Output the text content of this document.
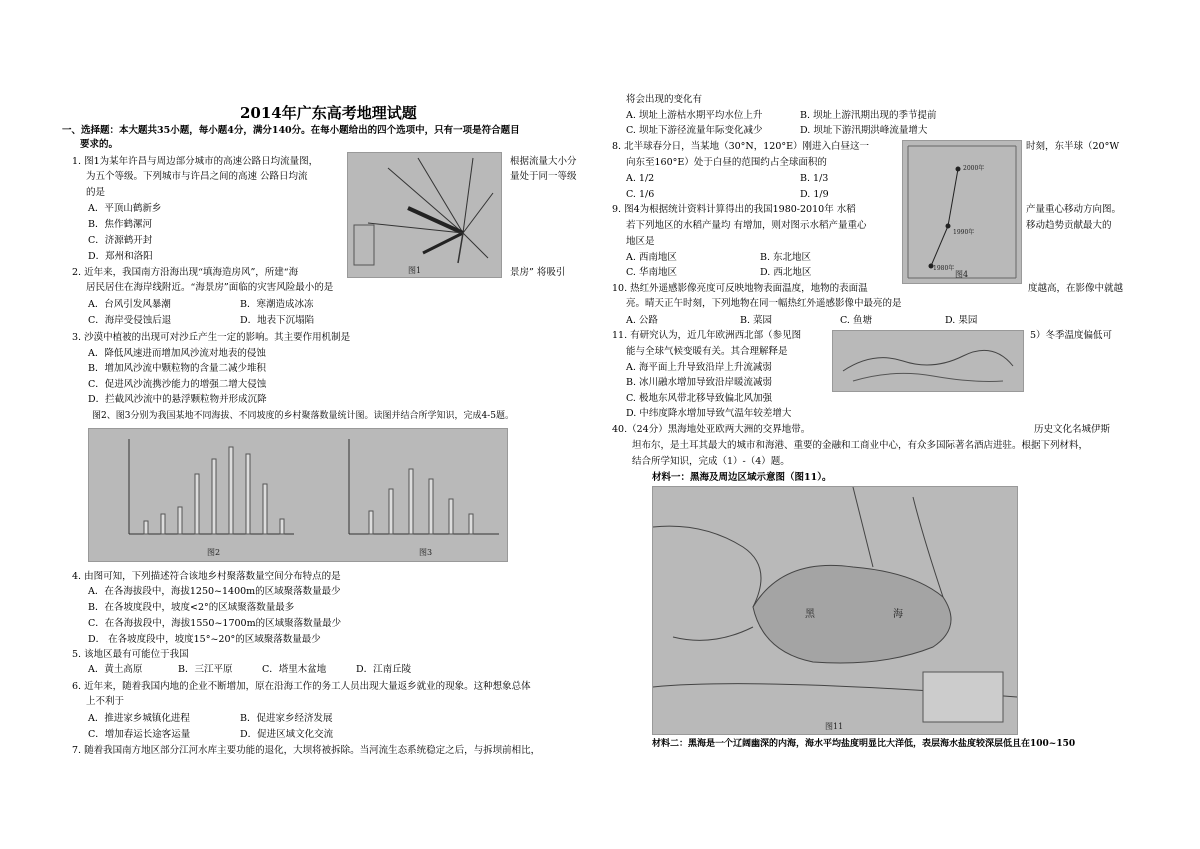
2014年广东高考地理试题
一、选择题：本大题共35小题，每小题4分，满分140分。在每小题给出的四个选项中，只有一项是符合题目
要求的。
1. 图1为某年许昌与周边部分城市的高速公路日均流量图，	根据流量大小分
为五个等级。下列城市与许昌之间的高速 公路日均流	量处于同一等级
的是
A．平顶山鹤新乡
B．焦作鹤漯河
C．济源鹤开封
D．郑州和洛阳
图1
2. 近年来，我国南方沿海出现“填海造房风”，所建“海	景房” 将吸引
居民居住在海岸线附近。“海景房”面临的灾害风险最小的是
A．台风引发风暴潮	B．寒潮造成冰冻
C．海岸受侵蚀后退	D．地表下沉塌陷
3. 沙漠中植被的出现可对沙丘产生一定的影响。其主要作用机制是
A．降低风速进而增加风沙流对地表的侵蚀
B．增加风沙流中颗粒物的含量二减少堆积
C．促进风沙流携沙能力的增强二增大侵蚀
D．拦截风沙流中的悬浮颗粒物并形成沉降
图2、图3分别为我国某地不同海拔、不同坡度的乡村聚落数量统计图。读图并结合所学知识，完成4-5题。
图2	图3
4. 由图可知，下列描述符合该地乡村聚落数量空间分布特点的是
A．在各海拔段中，海拔1250~1400m的区域聚落数量最少
B．在各坡度段中，坡度<2°的区域聚落数量最多
C．在各海拔段中，海拔1550~1700m的区域聚落数量最少
D． 在各坡度段中，坡度15°~20°的区域聚落数量最少
5. 该地区最有可能位于我国
A．黄土高原	B．三江平原	C．塔里木盆地	D．江南丘陵
6. 近年来，随着我国内地的企业不断增加，原在沿海工作的务工人员出现大量返乡就业的现象。这种想象总体
上不利于
A．推进家乡城镇化进程	B．促进家乡经济发展
C．增加春运长途客运量	D．促进区域文化交流
7. 随着我国南方地区部分江河水库主要功能的退化，大坝将被拆除。当河流生态系统稳定之后，与拆坝前相比，
将会出现的变化有
A. 坝址上游枯水期平均水位上升	B. 坝址上游汛期出现的季节提前
C. 坝址下游径流量年际变化减少	D. 坝址下游汛期洪峰流量增大
8. 北半球春分日，当某地（30°N，120°E）刚进入白昼这一	时刻，东半球（20°W
向东至160°E）处于白昼的范围约占全球面积的
A. 1/2	B. 1/3
C. 1/6	D. 1/9
2000年
1990年
1980年
图4
9. 图4为根据统计资料计算得出的我国1980-2010年 水稻	产量重心移动方向图。
若下列地区的水稻产量均 有增加，则对图示水稻产量重心	移动趋势贡献最大的
地区是
A. 西南地区	B. 东北地区
C. 华南地区	D. 西北地区
10. 热红外遥感影像亮度可反映地物表面温度，地物的表面温	度越高，在影像中就越
亮。晴天正午时刻，下列地物在同一幅热红外遥感影像中最亮的是
A. 公路	B. 菜园	C. 鱼塘	D. 果园
11. 有研究认为，近几年欧洲西北部（参见图	5）冬季温度偏低可
能与全球气候变暖有关。其合理解释是
A. 海平面上升导致沿岸上升流减弱
B. 冰川融水增加导致沿岸暖流减弱
C. 极地东风带北移导致偏北风加强
D. 中纬度降水增加导致气温年较差增大
40.（24分）黑海地处亚欧两大洲的交界地带。	历史文化名城伊斯
坦布尔，是土耳其最大的城市和海港、重要的金融和工商业中心，有众多国际著名酒店进驻。根据下列材料，
结合所学知识，完成（1）-（4）题。
材料一：黑海及周边区域示意图（图11）。
黑	海
图11
材料二：黑海是一个辽阔幽深的内海，海水平均盐度明显比大洋低，表层海水盐度较深层低且在100~150
